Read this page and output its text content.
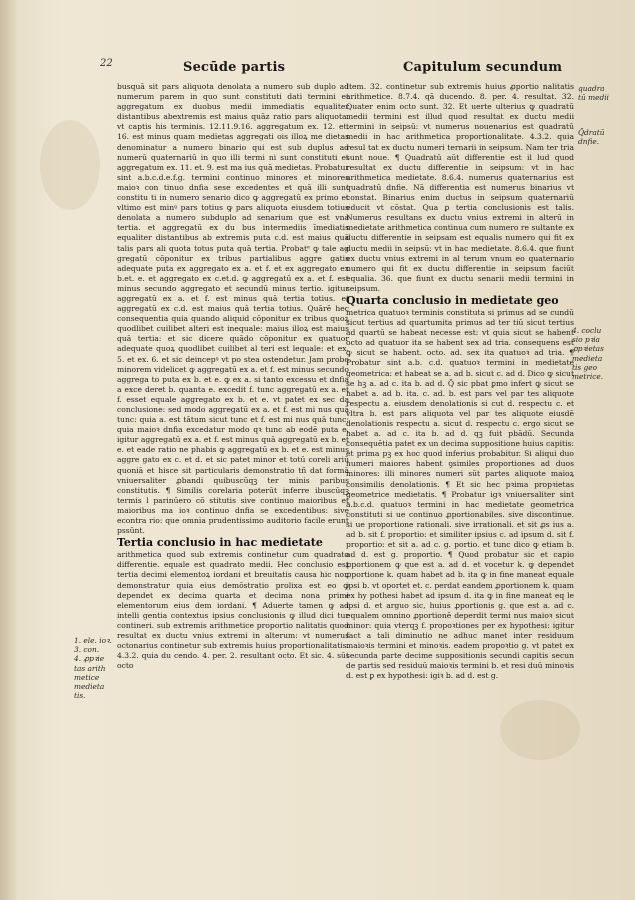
22	Secūde partis	Capitulum secundum

busquā sit pars aliquota denolata a numero sub duplo ad numerum parem in quo sunt constituti dati termini et aggregatum ex duobus medii immediatis equaliter distantibus abextremis est maius quāz ratio pars aliquota. vt captis his terminis. 12.11.9.16. aggregatum ex. 12. et. 16. est minus quam medietas aggregati ois illoꝝ me dietas denominatur a numero binario qui est sub duplus ad numerū quaternariū in quo illi termi ni sunt constituti et aggregatum ex. 11. et. 9. est ma ius quā medietas. Probatur sint a.b.c.d.e.f.g. termini continuo minores et minores maioꝛ con tinuo dnfia sese excedentes et quā illi sunt constitu ti in numero senario dico ꝙ aggregatū ex primo et vltimo est minꝰ pars totius ꝙ pars aliquota eiusdem totius denolata a numero subduplo ad senarium que est vna tertia. et aggregatū ex du bus intermediis īmediatis equaliter distantibus ab extremis puta c.d. est maius quā talis pars ali quota totus puta quā tertia. Probatᵉ ꝙ tale ag gregatū cōponitur ex tribus partialibus aggre gatis adequate puta ex aggregato ex a. et f. et ex aggregato ex b.et. e. et aggregato ex c.et.d. ꝙ aggregatū ex a. et f. est minus secundo aggregato et secundū minus tertio. igitur aggregatū ex a. et f. est minus quā tertia totius. et aggregatū ex c.d. est maius quā tertia totius. Quārē hec consequentia quia quando aliquid cōponitur ex tribus quoꝝ quodlibet cuilibet alteri est inequale: maius illoꝝ est maius quā tertia: et sic dicere quādo cōponitur ex quatuor adequate quoꝝ quodlibet cuilibet al teri est lequale: et ex. 5. et ex. 6. et sic deincepꝰ vt po stea ostendetur. Jam probo minorem videlicet ꝙ aggregatū ex a. et f. est minus secundo aggrega to puta ex b. et e. ꝙ ex a. si tanto excessu et dnfia a exce deret b. quanta e. excedit f. tunc aggregatū ex a. et f. esset equale aggregato ex b. et e. vt patet ex sec da conclusione: sed modo aggregatū ex a. et f. est mi nus quā tunc: quia a. est tātum sicut tunc et f. est mi nus quā tunc: quia maioꝛ dnfia excedatur modo qꝛ tunc ab eodē puta e. igitur aggregatū ex a. et f. est minus quā aggregatū ex b. et e. et eade ratio ne phabis ꝙ aggregatū ex b. et e. est minus aggre gato ex c. et d. et sic patet minor et totū coreli ariū quoniā et hisce sit particularis demonstratio tñ dat formā vniuersaliter ꝓbandi quibuscūqꝫ ter minis paribus constitutis. ¶ Similis corelaria poterūt inferre ibuscūqꝫ termis l parinūero cō stitutis sive continuo maioribus et maioribus ma ioꝛ continuo dnfia se excedentibus: sive econtra rio: que omnia prudentissimo auditorio facile erunt pssūnt.

Tertia conclusio in hac medietate

arithmetica quod sub extremis continetur cum quadrato differentie. equale est quadrato medii. Hec conclusio est tertia decimi elementoꝝ iordani et breuitatis causa hic non demonstratur quia eius demōstratio prolixa est eo ꝙ dependet ex decima quarta et decima nona primi elementorum eius dem iordani. ¶ Aduerte tamen ꝙ ad intelli gentia contextus ipsius conclusionis ꝙ illud dici tur contineri. sub extremis arithmetice proportio nalitatis quod resultat ex ductu vnius extremi in alterum: vt numerus octonarius continetur sub extremis huius proportionalitatis. 4.3.2. quia du cendo. 4. per. 2. resultant octo. Et sic. 4. sūt octo

Item. 32. continetur sub extremis huius ꝓportio nalitatis arithmetice. 8.7.4. qā ducendo. 8. per. 4. resultat. 32. Quater enim octo sunt. 32. Et uerte ulterius ꝙ quadratū medii termini est illud quod resultat ex ductu medii termini in seipsū: vt numerus nouenarius est quadratū medii in hac arithmetica proportionalitate. 4.3.2. quia resul tat ex ductu numeri ternarii in seipsum. Nam ter tria sunt noue. ¶ Quadratū aūt differentie est il lud quod resultat ex ductu differentie in seipsum: vt in hac arithmetica medietate. 8.6.4. numerus quaternarius est quadratū dnfie. Nā differentia est numerus binarius vt constat. Binarius enim ductus in seipsum quaternariū educit vt cōstat. Qua ꝑ tertia conclusionis est talis. Numerus resultans ex ductu vnius extremi in alterū in medietate arithmetica continua cum numero re sultante ex ductu differentie in seipsam est equalis numero qui fit ex ductu medii in seipsū: vt in hac medietate. 8.6.4. que fiunt ex ductu vnius extremi in al terum vnum eo quaternario numero qui fit ex ductu differentie in seipsum faciūt equalia. 36. que fiunt ex ductu senarii medii termini in seipsum.

Quarta conclusio in medietate geo

metrica quatuoꝛ terminis constituta si primus ad se cundū sicut tertius ad quartumita primus ad ter tiū sicut tertius ad quartū se habeat necesse est: vt quia sicut se habent octo ad quatuor ita se habent sex ad tria. consequens est ꝙ sicut se habent. octo. ad. sex ita quatuoꝛ ad tria. ¶ Probatur sint a.b. c.d. quatuoꝛ termini in medietate geometrica: et habeat se a. ad b. sicut c. ad d. Dico ꝙ sicut se hꝫ a. ad c. ita b. ad d. Q̃ sic pbat ꝑmo infert ꝙ sicut se habet a. ad b. ita. c. ad. b. est pars vel par tes aliquote respectu a. eiusdem denolationis si cut d. respectu c. et vltra b. est pars aliquota vel par tes aliquote eiusdē denolationis respectu a. sicut d. respectu c. ergo sicut se habet a. ad c. ita b. ad d. qꝫ fuit pbādū. Secunda consequētia patet ex un decima suppositione huius capitis: et prima pꝫ ex hoc quod inferius probabitur. Si aliqui duo numeri maiores habent ꝯsimiles proportiones ad duos minores: illi minores numeri sūt partes aliquote maioꝝ consimilis denolationis. ¶ Et sic hec pꝛima propꝛietas geometrice medietatis. ¶ Probatur igꝛ vniuersaliter sint a.b.c.d. quatuoꝛ termini in hac medietate geometrica constituti si ue continuo ꝓportionabiles. sive discontinue. si ue proportione rationali. sive irrationali. et sit ꝓs ius a. ad b. sit f. proportio: et similiter ipsius c. ad ipsum d. sit f. proportio: et sit a. ad c. g. portio. et tunc dico ꝙ etiam b. ad d. est g. proportio. ¶ Quod probatur sic et capio ꝓportionem ꝙ que est a. ad d. et vocetur k. ꝙ dependet ꝓportione k. quam habet ad b. ita ꝙ in fine maneat equale ipsi b. vt oportet et. c. perdat eandem ꝓportionem k. quam ex hy pothesi habet ad ipsum d. ita ꝙ in fine maneat eq le ipsi d. et arguo sic, huius ꝓportionis g. que est a. ad c. equalem omnino ꝓportionē deperdit termi nus maioꝛ sicut minor: quia vterqꝫ f. propoꝛtiones per ex hypothesi: igitur fact a tali diminutio ne adhuc manet inter residuum maioꝛis termini et minoꝛis. eadem propoꝛtio g. vt patet ex secunda parte decime suppositionis secundi capitis secun de partis sed residuū maioꝛis termini b. et resi duū minoꝛis d. est ꝑ ex hypothesi: igiꝛ b. ad d. est g.

1. ele. ioꝛ.
3. con.
4. ꝓpꝛie
tas arith
metice
medieta
tis.
quadra
tū medii
Q̃dratū
dnfie.
4. coclu
sio pꝛia
ꝓpꝛietas
medieta
tis geo
metrice.
